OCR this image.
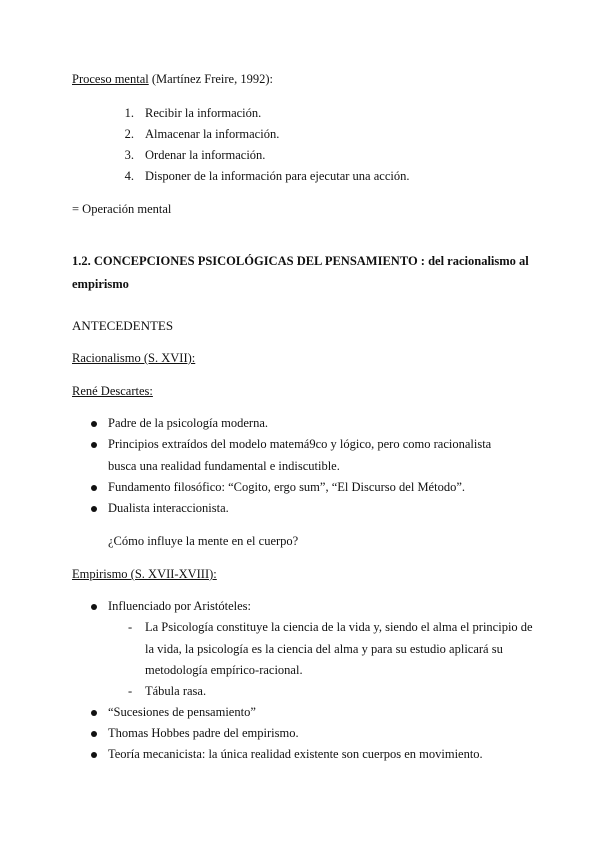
Proceso mental (Martínez Freire, 1992):
1. Recibir la información.
2. Almacenar la información.
3. Ordenar la información.
4. Disponer de la información para ejecutar una acción.
= Operación mental
1.2. CONCEPCIONES PSICOLÓGICAS DEL PENSAMIENTO : del racionalismo al
empirismo
ANTECEDENTES
Racionalismo (S. XVII):
René Descartes:
Padre de la psicología moderna.
Principios extraídos del modelo matemá9co y lógico, pero como racionalista
busca una realidad fundamental e indiscutible.
Fundamento filosófico: “Cogito, ergo sum”, “El Discurso del Método”.
Dualista interaccionista.
¿Cómo influye la mente en el cuerpo?
Empirismo (S. XVII-XVIII):
Influenciado por Aristóteles:
- La Psicología constituye la ciencia de la vida y, siendo el alma el principio de
la vida, la psicología es la ciencia del alma y para su estudio aplicará su
metodología empírico-racional.
- Tábula rasa.
“Sucesiones de pensamiento”
Thomas Hobbes padre del empirismo.
Teoría mecanicista: la única realidad existente son cuerpos en movimiento.
